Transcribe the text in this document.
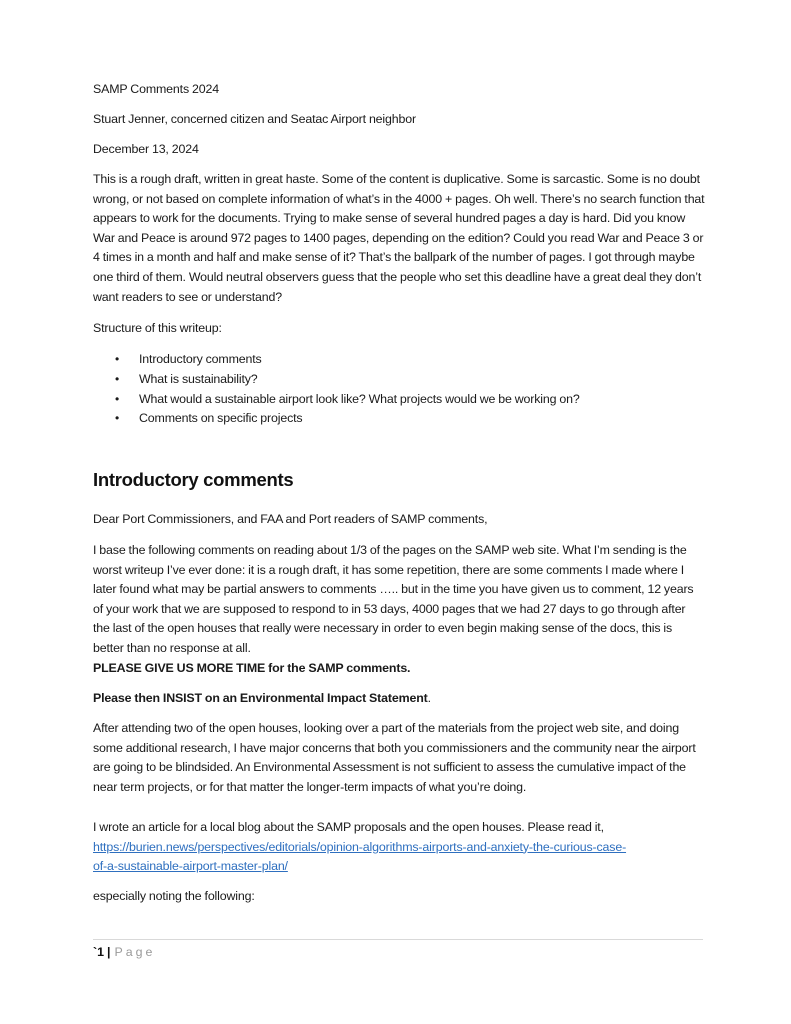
SAMP Comments 2024

Stuart Jenner, concerned citizen and Seatac Airport neighbor

December 13, 2024

This is a rough draft, written in great haste. Some of the content is duplicative. Some is sarcastic. Some is no doubt wrong, or not based on complete information of what’s in the 4000 + pages. Oh well. There’s no search function that appears to work for the documents. Trying to make sense of several hundred pages a day is hard. Did you know War and Peace is around 972 pages to 1400 pages, depending on the edition? Could you read War and Peace 3 or 4 times in a month and half and make sense of it? That’s the ballpark of the number of pages. I got through maybe one third of them. Would neutral observers guess that the people who set this deadline have a great deal they don’t want readers to see or understand?

Structure of this writeup:

• Introductory comments
• What is sustainability?
• What would a sustainable airport look like? What projects would we be working on?
• Comments on specific projects
Introductory comments

Dear Port Commissioners, and FAA and Port readers of SAMP comments,

I base the following comments on reading about 1/3 of the pages on the SAMP web site. What I’m sending is the worst writeup I’ve ever done: it is a rough draft, it has some repetition, there are some comments I made where I later found what may be partial answers to comments ….. but in the time you have given us to comment, 12 years of your work that we are supposed to respond to in 53 days, 4000 pages that we had 27 days to go through after the last of the open houses that really were necessary in order to even begin making sense of the docs, this is better than no response at all.

PLEASE GIVE US MORE TIME for the SAMP comments.

Please then INSIST on an Environmental Impact Statement.

After attending two of the open houses, looking over a part of the materials from the project web site, and doing some additional research, I have major concerns that both you commissioners and the community near the airport are going to be blindsided. An Environmental Assessment is not sufficient to assess the cumulative impact of the near term projects, or for that matter the longer-term impacts of what you’re doing.

I wrote an article for a local blog about the SAMP proposals and the open houses. Please read it,
https://burien.news/perspectives/editorials/opinion-algorithms-airports-and-anxiety-the-curious-case-
of-a-sustainable-airport-master-plan/

especially noting the following:

`1 | Page
